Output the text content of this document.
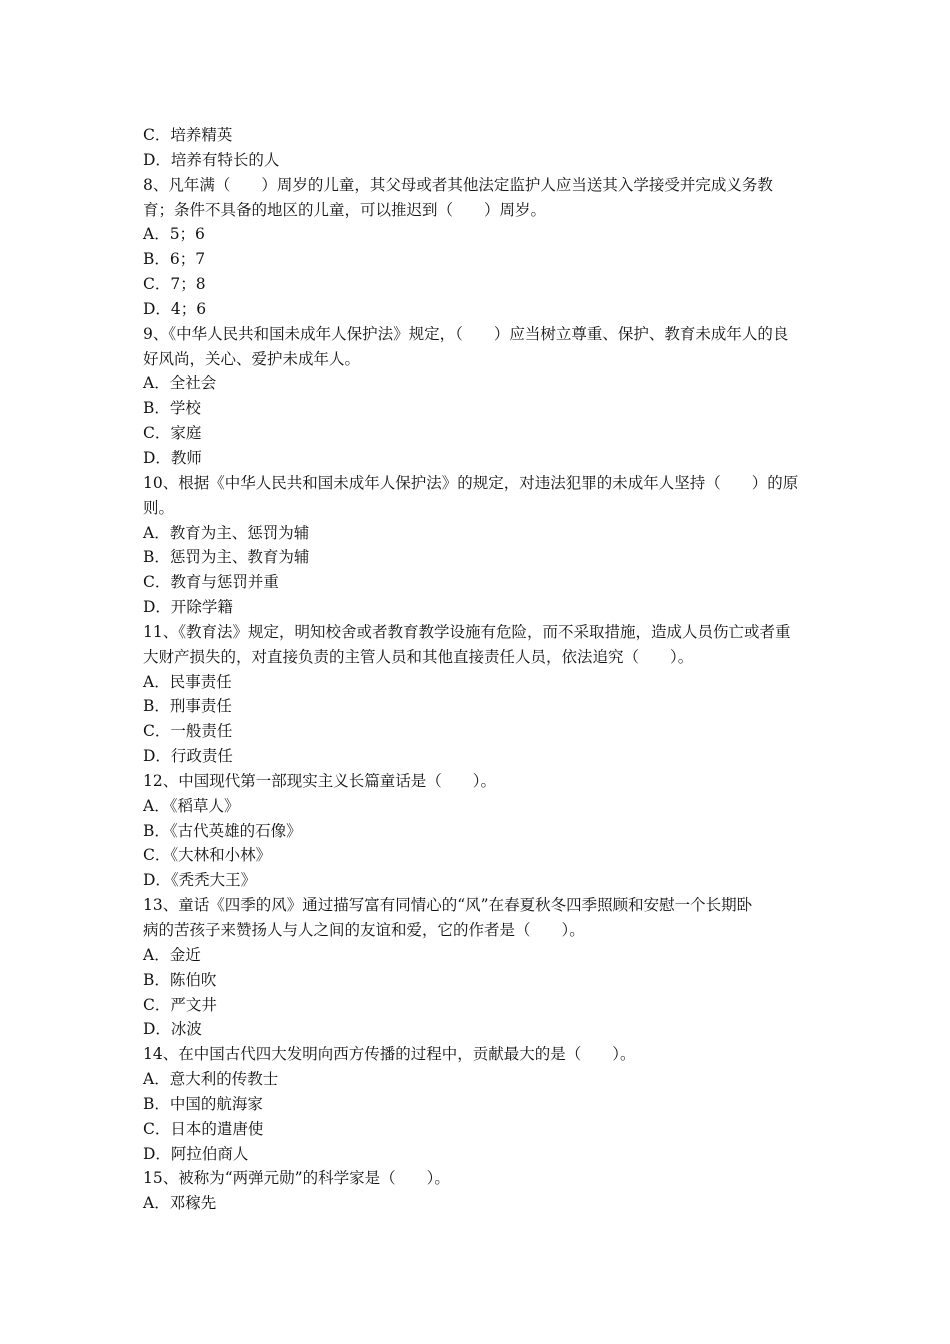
C．培养精英
D．培养有特长的人
8、凡年满（　　）周岁的儿童，其父母或者其他法定监护人应当送其入学接受并完成义务教
育；条件不具备的地区的儿童，可以推迟到（　　）周岁。
A．5；6
B．6；7
C．7；8
D．4；6
9、《中华人民共和国未成年人保护法》规定，（　　）应当树立尊重、保护、教育未成年人的良
好风尚，关心、爱护未成年人。
A．全社会
B．学校
C．家庭
D．教师
10、根据《中华人民共和国未成年人保护法》的规定，对违法犯罪的未成年人坚持（　　）的原
则。
A．教育为主、惩罚为辅
B．惩罚为主、教育为辅
C．教育与惩罚并重
D．开除学籍
11、《教育法》规定，明知校舍或者教育教学设施有危险，而不采取措施，造成人员伤亡或者重
大财产损失的，对直接负责的主管人员和其他直接责任人员，依法追究（　　）。
A．民事责任
B．刑事责任
C．一般责任
D．行政责任
12、中国现代第一部现实主义长篇童话是（　　）。
A．《稻草人》
B．《古代英雄的石像》
C．《大林和小林》
D．《秃秃大王》
13、童话《四季的风》通过描写富有同情心的“风”在春夏秋冬四季照顾和安慰一个长期卧
病的苦孩子来赞扬人与人之间的友谊和爱，它的作者是（　　）。
A．金近
B．陈伯吹
C．严文井
D．冰波
14、在中国古代四大发明向西方传播的过程中，贡献最大的是（　　）。
A．意大利的传教士
B．中国的航海家
C．日本的遣唐使
D．阿拉伯商人
15、被称为“两弹元勋”的科学家是（　　）。
A．邓稼先
